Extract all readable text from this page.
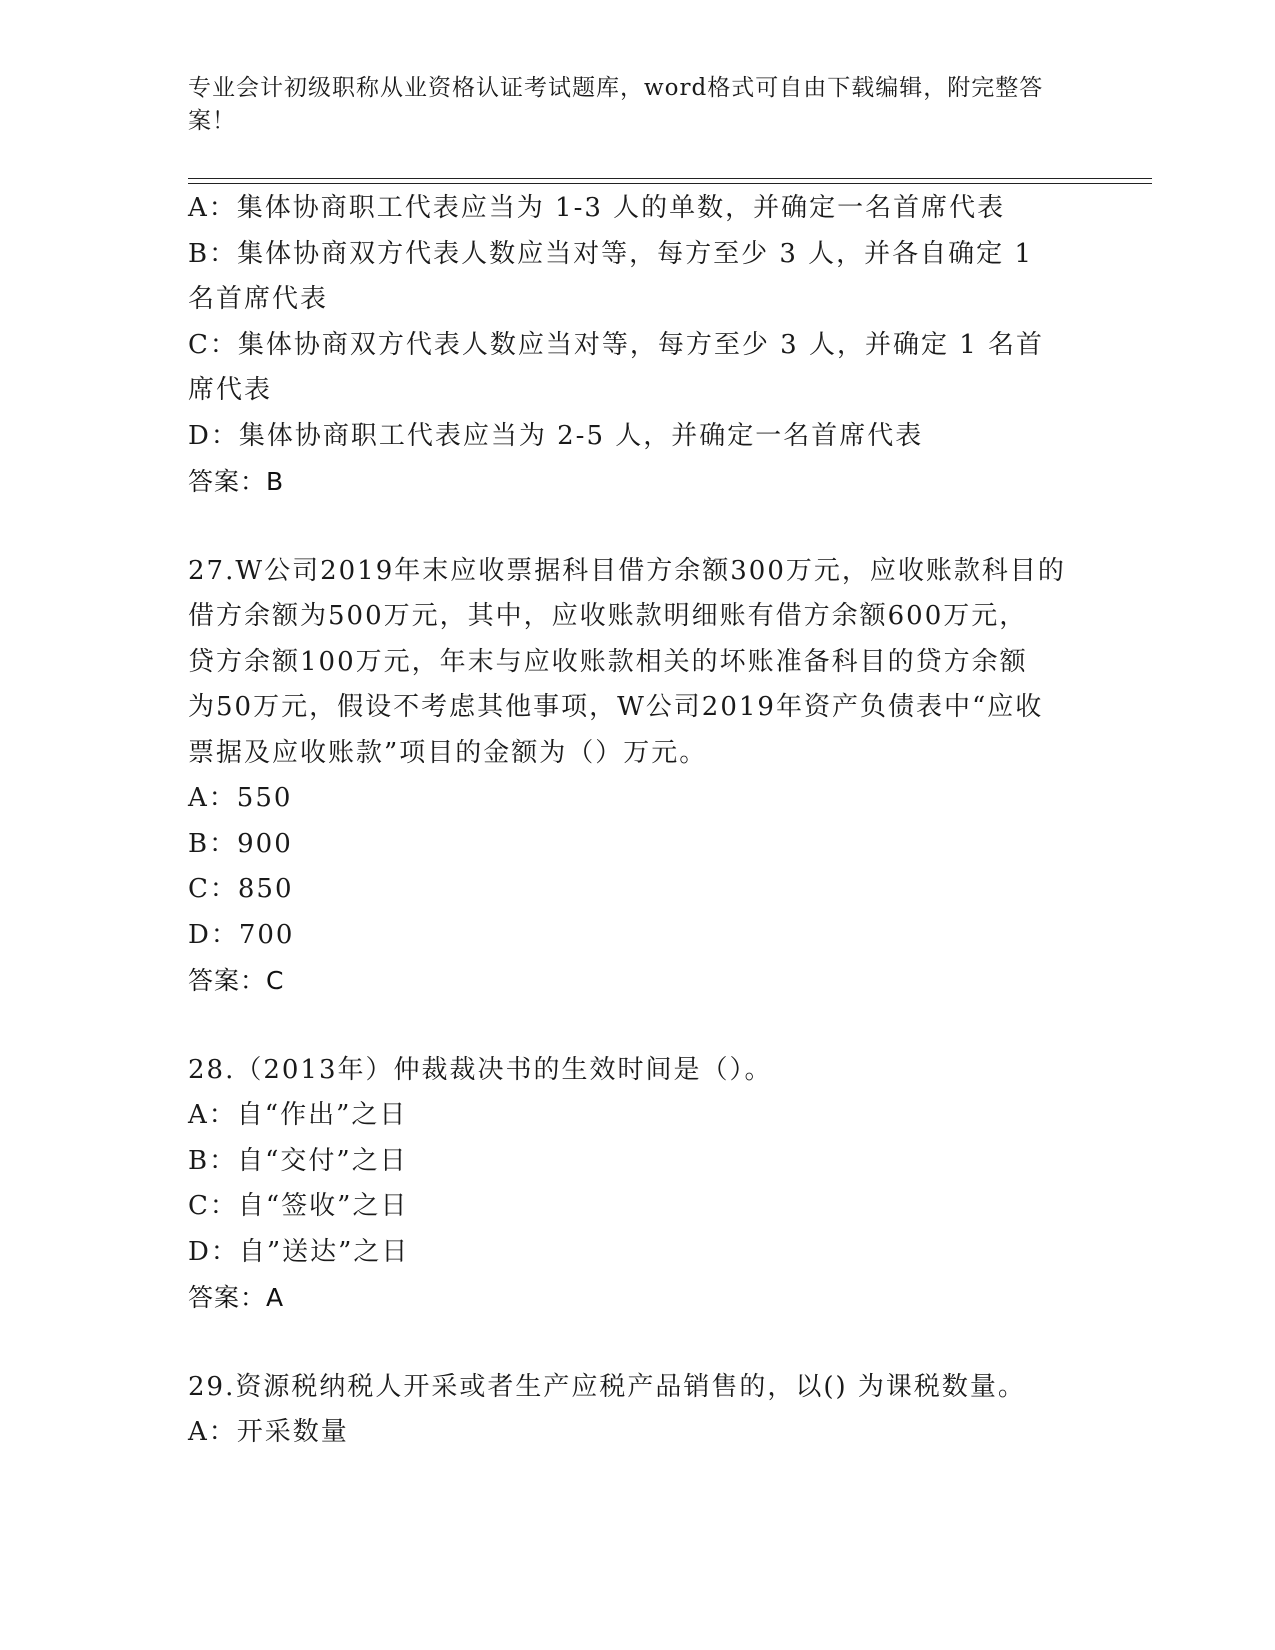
专业会计初级职称从业资格认证考试题库，word格式可自由下载编辑，附完整答
案！
A：集体协商职工代表应当为 1-3 人的单数，并确定一名首席代表
B：集体协商双方代表人数应当对等，每方至少 3 人，并各自确定 1
名首席代表
C：集体协商双方代表人数应当对等，每方至少 3 人，并确定 1 名首
席代表
D：集体协商职工代表应当为 2-5 人，并确定一名首席代表
答案：B
27.W公司2019年末应收票据科目借方余额300万元，应收账款科目的
借方余额为500万元，其中，应收账款明细账有借方余额600万元，
贷方余额100万元，年末与应收账款相关的坏账准备科目的贷方余额
为50万元，假设不考虑其他事项，W公司2019年资产负债表中“应收
票据及应收账款”项目的金额为（）万元。
A：550
B：900
C：850
D：700
答案：C
28.（2013年）仲裁裁决书的生效时间是（）。
A：自“作出”之日
B：自“交付”之日
C：自“签收”之日
D：自”送达”之日
答案：A
29.资源税纳税人开采或者生产应税产品销售的，以() 为课税数量。
A：开采数量
